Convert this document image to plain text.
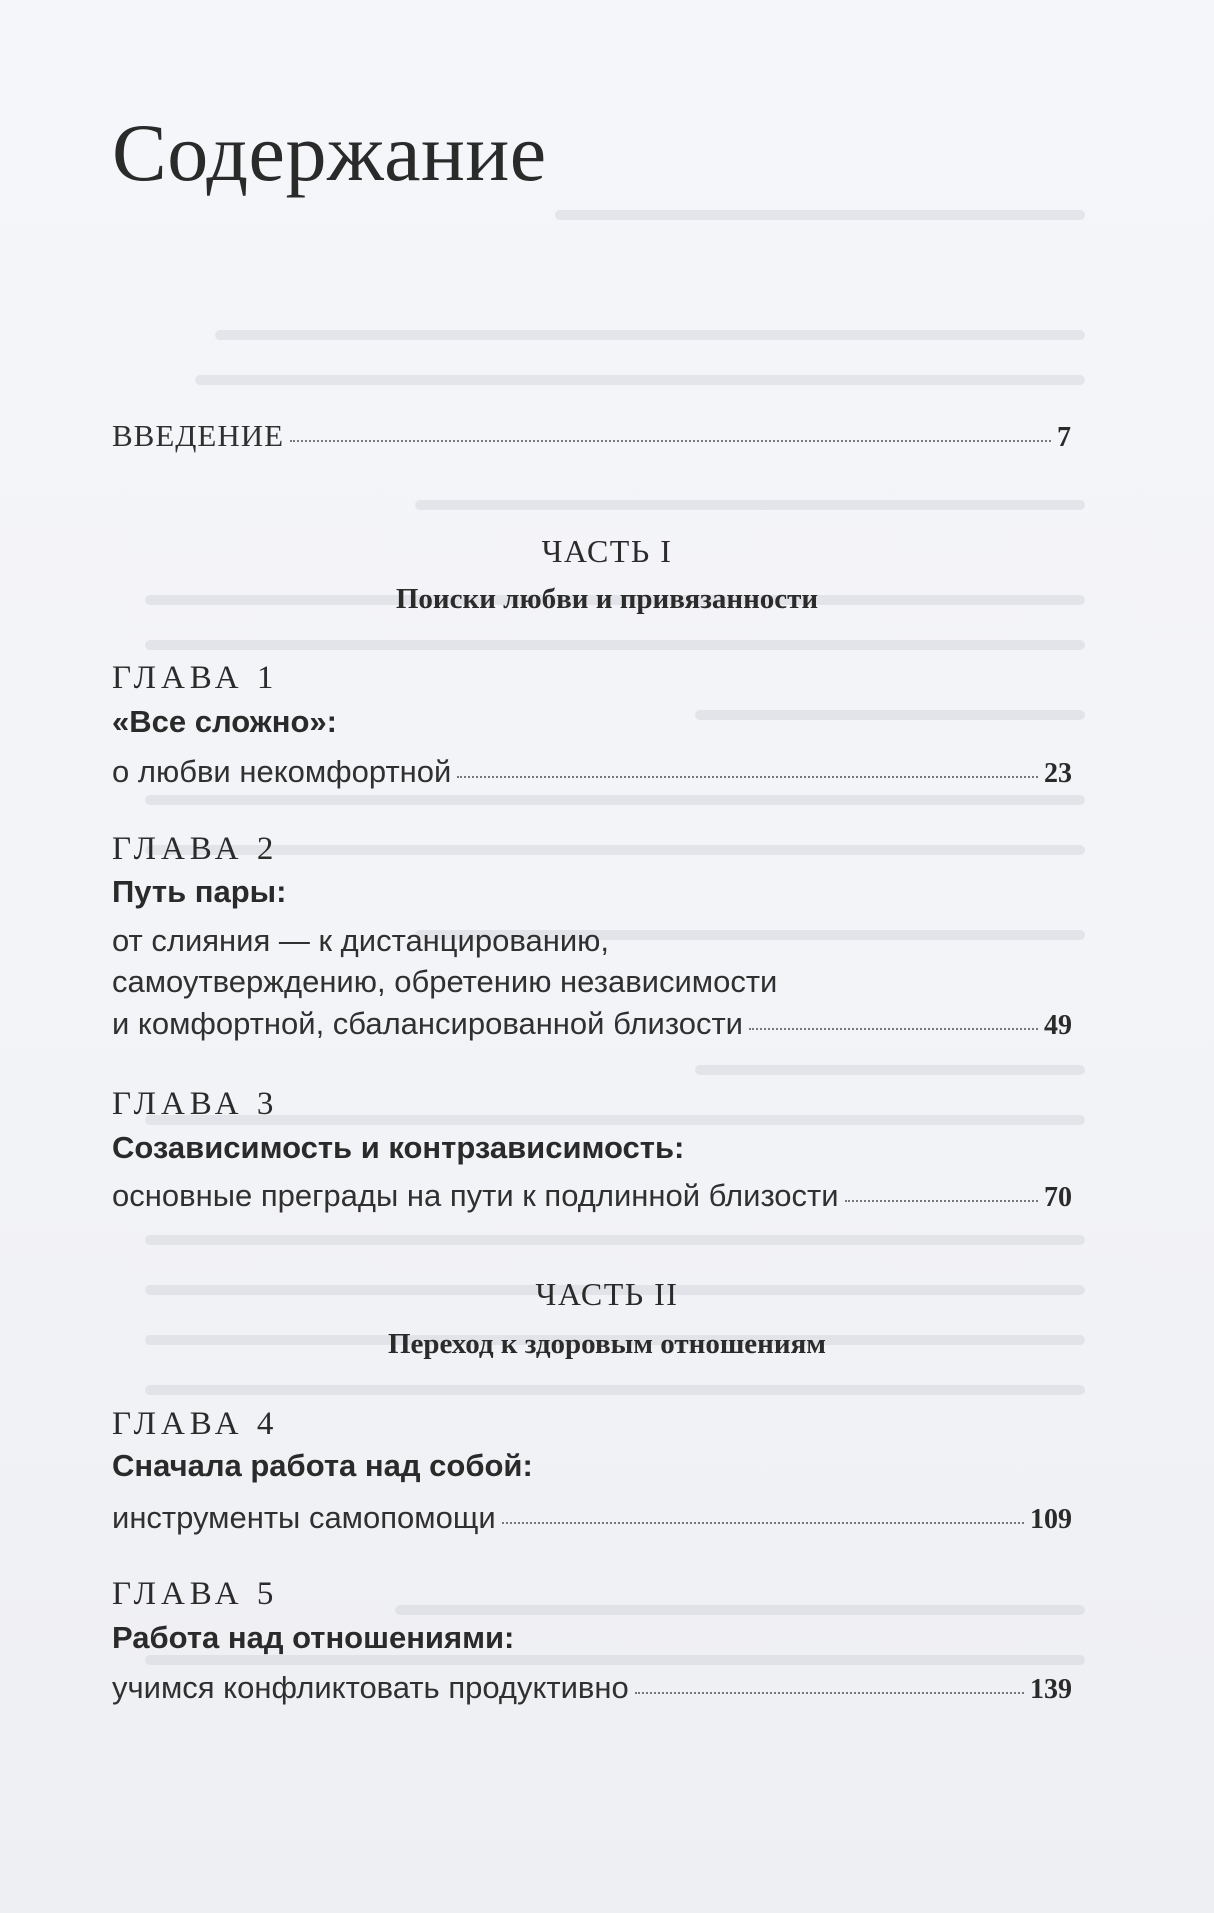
Содержание
ВВЕДЕНИЕ	7
ЧАСТЬ I
Поиски любви и привязанности
ГЛАВА 1
«Все сложно»:
о любви некомфортной	23
ГЛАВА 2
Путь пары:
от слияния — к дистанцированию,
самоутверждению, обретению независимости
и комфортной, сбалансированной близости	49
ГЛАВА 3
Созависимость и контрзависимость:
основные преграды на пути к подлинной близости	70
ЧАСТЬ II
Переход к здоровым отношениям
ГЛАВА 4
Сначала работа над собой:
инструменты самопомощи	109
ГЛАВА 5
Работа над отношениями:
учимся конфликтовать продуктивно	139
